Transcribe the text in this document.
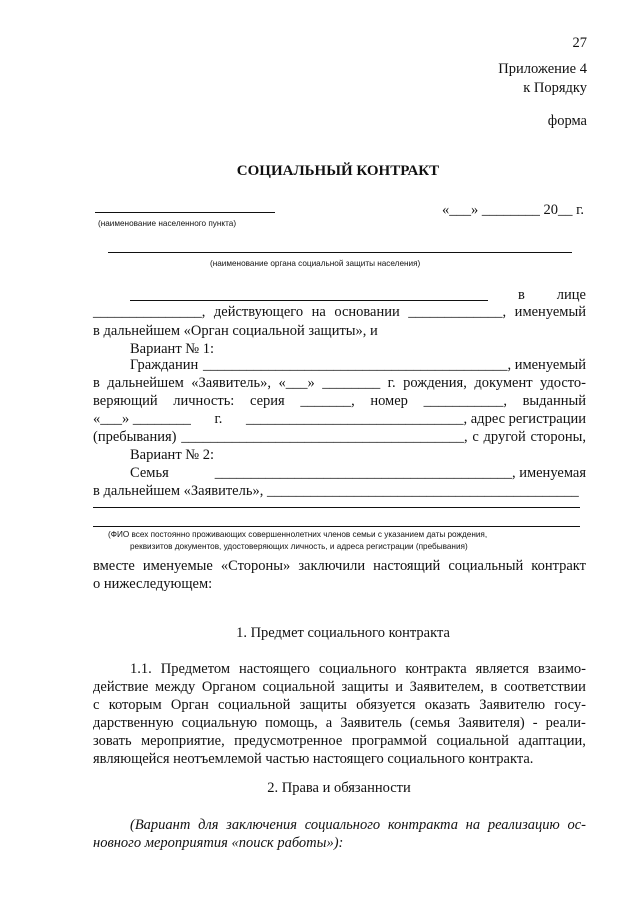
27
Приложение 4
к Порядку
форма
СОЦИАЛЬНЫЙ КОНТРАКТ
(наименование населенного пункта)
«___» ________ 20__ г.
(наименование органа социальной защиты населения)
в лице
_______________, действующего на основании _____________, именуемый
в дальнейшем «Орган социальной защиты», и
Вариант № 1:
Гражданин __________________________________________, именуемый
в дальнейшем «Заявитель», «___» ________ г. рождения, документ удосто-
веряющий личность: серия _______, номер ___________, выданный
«___» ________ г. ______________________________, адрес регистрации
(пребывания) _______________________________________, с другой стороны,
Вариант № 2:
Семья	_________________________________________, именуемая
в дальнейшем «Заявитель», ___________________________________________
(ФИО всех постоянно проживающих совершеннолетних членов семьи с указанием даты рождения,
реквизитов документов, удостоверяющих личность, и адреса регистрации (пребывания)
вместе именуемые «Стороны» заключили настоящий социальный контракт
о нижеследующем:
1. Предмет социального контракта
1.1. Предметом настоящего социального контракта является взаимо-
действие между Органом социальной защиты и Заявителем, в соответствии
с которым Орган социальной защиты обязуется оказать Заявителю госу-
дарственную социальную помощь, а Заявитель (семья Заявителя) - реали-
зовать мероприятие, предусмотренное программой социальной адаптации,
являющейся неотъемлемой частью настоящего социального контракта.
2. Права и обязанности
(Вариант для заключения социального контракта на реализацию ос-
новного мероприятия «поиск работы»):
